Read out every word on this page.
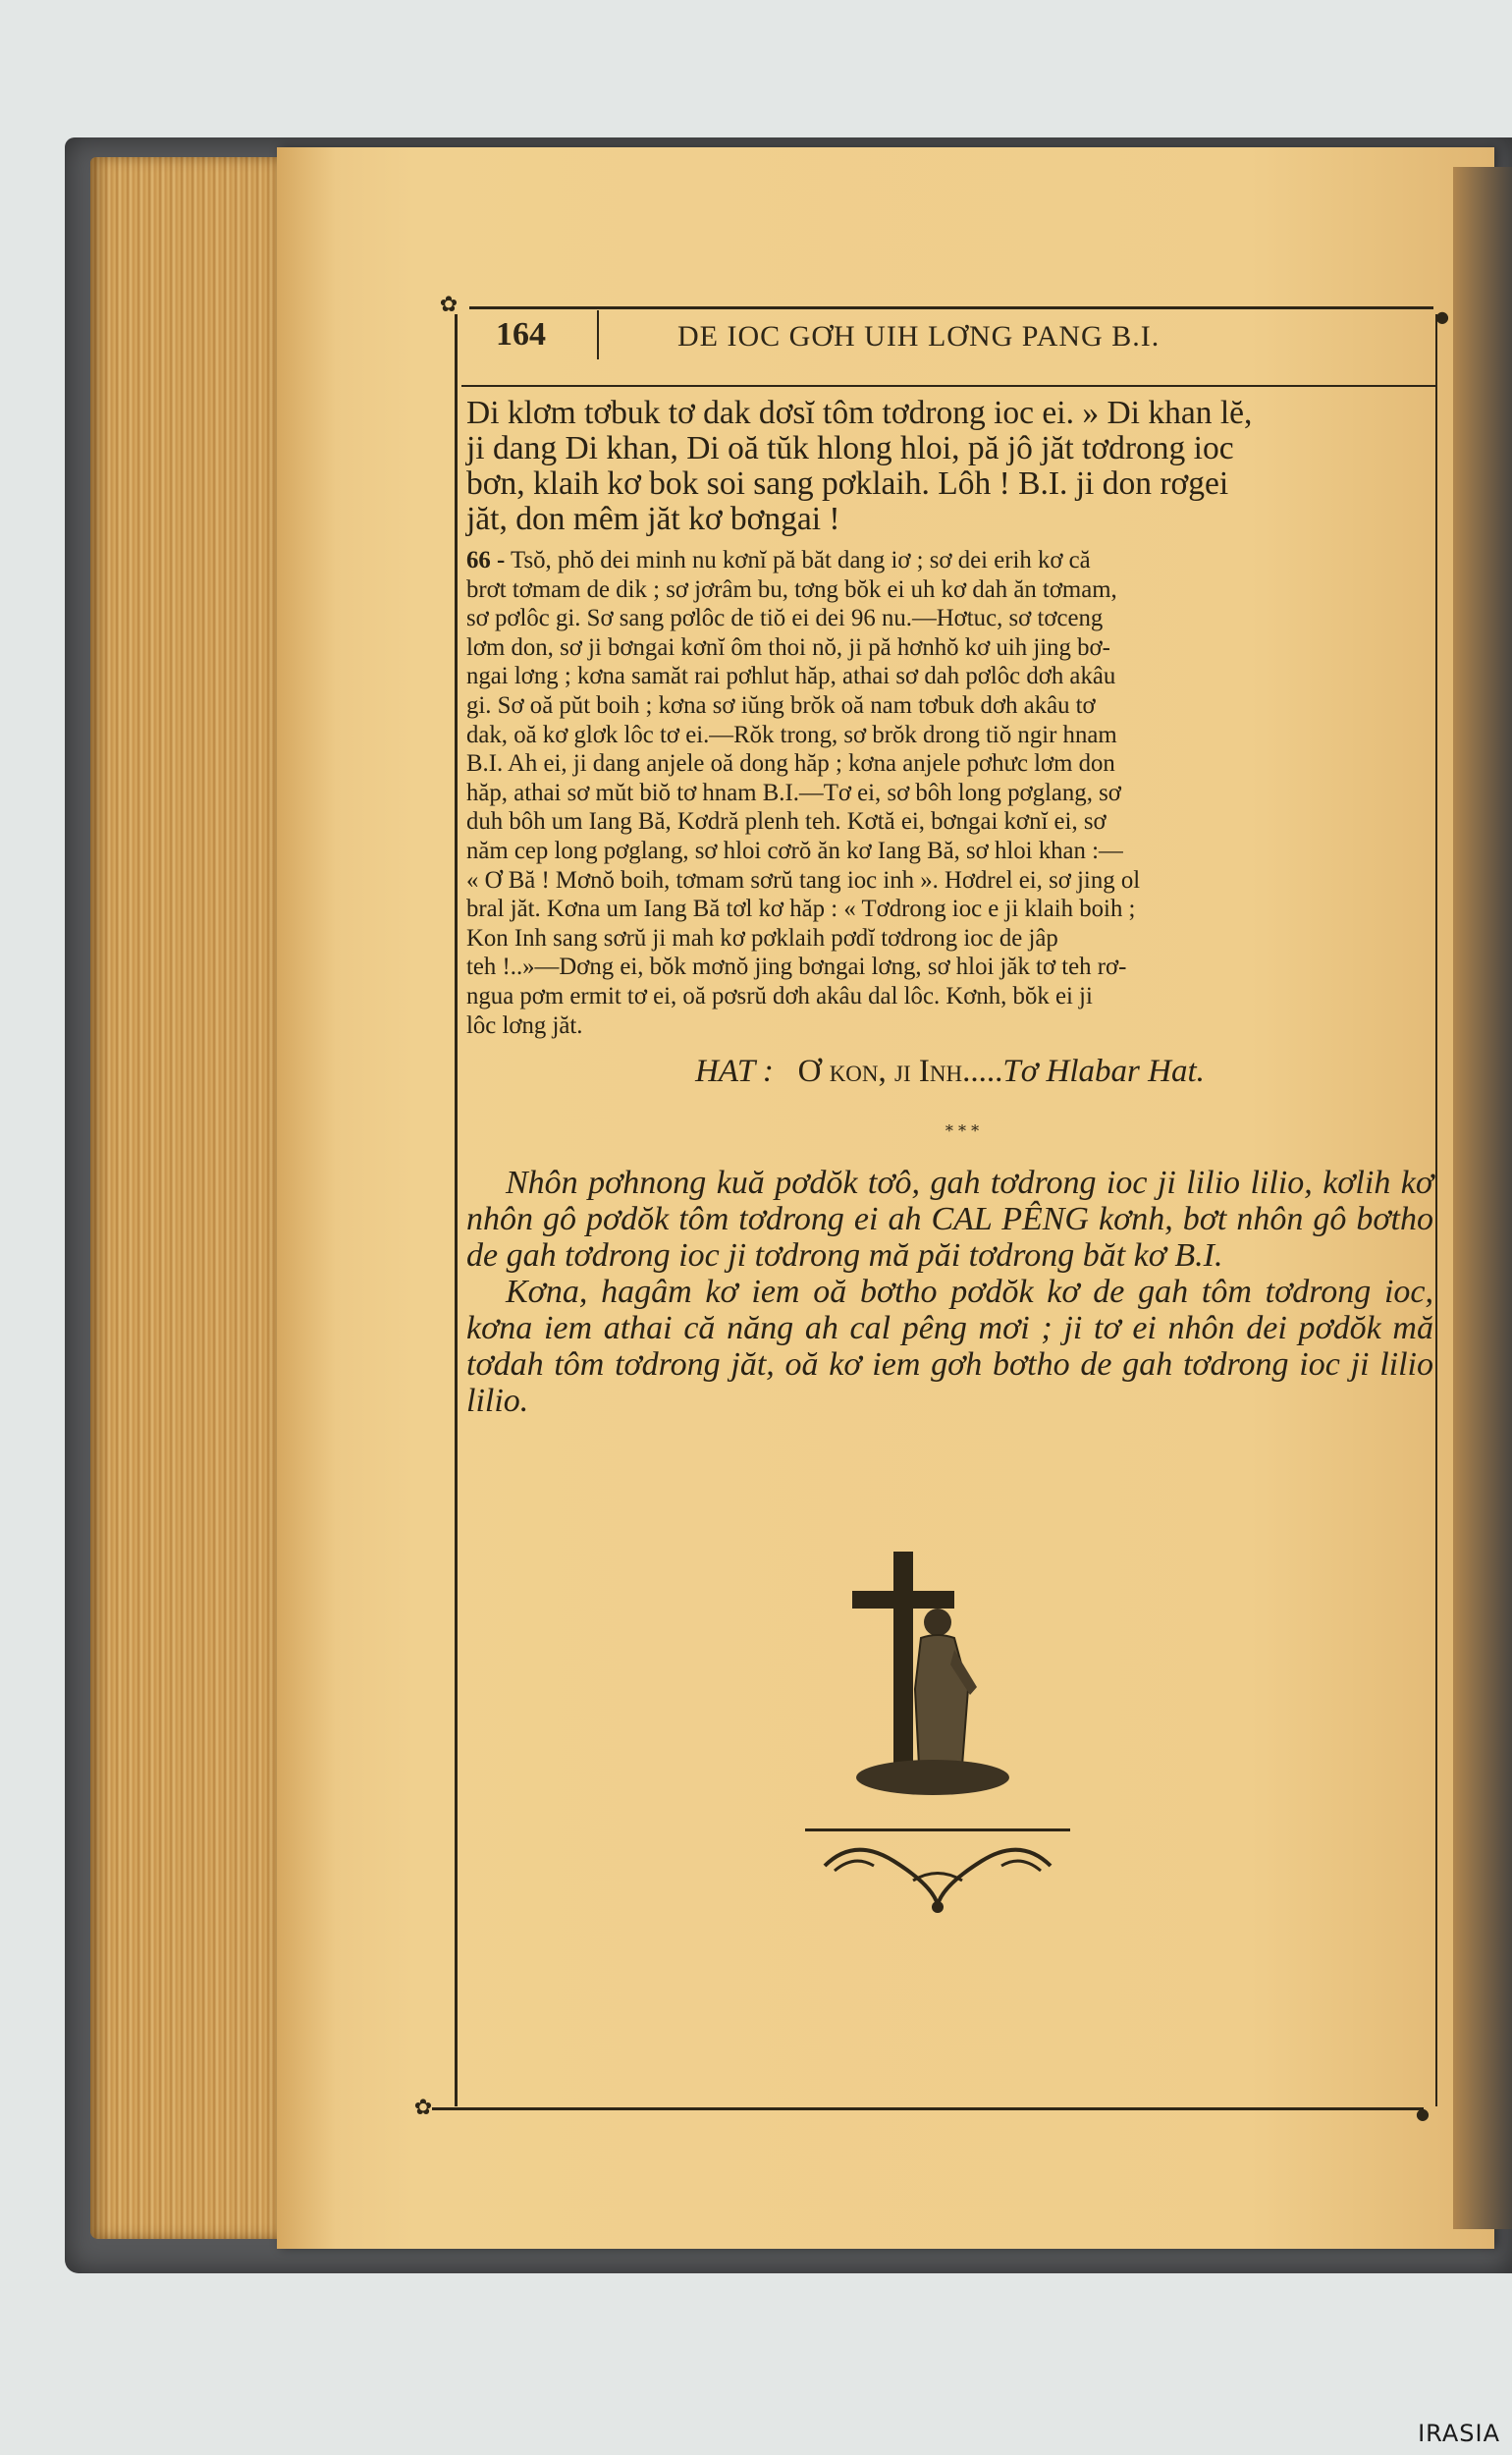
✿	●
✿	●
164	DE IOC GƠH UIH LƠNG PANG B.I.
Di klơm tơbuk tơ dak dơsĭ tôm tơdrong ioc ei. » Di khan lĕ,
ji dang Di khan, Di oă tŭk hlong hloi, pă jô jăt tơdrong ioc
bơn, klaih kơ bok soi sang pơklaih. Lôh ! B.I. ji don rơgei
jăt, don mêm jăt kơ bơngai !
66 - Tsŏ, phŏ dei minh nu kơnĭ pă băt dang iơ ; sơ dei erih kơ că
brơt tơmam de dik ; sơ jơrâm bu, tơng bŏk ei uh kơ dah ăn tơmam,
sơ pơlôc gi. Sơ sang pơlôc de tiŏ ei dei 96 nu.—Hơtuc, sơ tơceng
lơm don, sơ ji bơngai kơnĭ ôm thoi nŏ, ji pă hơnhŏ kơ uih jing bơ-
ngai lơng ; kơna samăt rai pơhlut hăp, athai sơ dah pơlôc dơh akâu
gi. Sơ oă pŭt boih ; kơna sơ iŭng brŏk oă nam tơbuk dơh akâu tơ
dak, oă kơ glơk lôc tơ ei.—Rŏk trong, sơ brŏk drong tiŏ ngir hnam
B.I. Ah ei, ji dang anjele oă dong hăp ; kơna anjele pơhưc lơm don
hăp, athai sơ mŭt biŏ tơ hnam B.I.—Tơ ei, sơ bôh long pơglang, sơ
duh bôh um Iang Bă, Kơdră plenh teh. Kơtă ei, bơngai kơnĭ ei, sơ
năm cep long pơglang, sơ hloi cơrŏ ăn kơ Iang Bă, sơ hloi khan :—
« Ơ Bă ! Mơnŏ boih, tơmam sơrŭ tang ioc inh ». Hơdrel ei, sơ jing ol
bral jăt. Kơna um Iang Bă tơl kơ hăp : « Tơdrong ioc e ji klaih boih ;
Kon Inh sang sơrŭ ji mah kơ pơklaih pơdĭ tơdrong ioc de jâp
teh !..»—Dơng ei, bŏk mơnŏ jing bơngai lơng, sơ hloi jăk tơ teh rơ-
ngua pơm ermit tơ ei, oă pơsrŭ dơh akâu dal lôc. Kơnh, bŏk ei ji
lôc lơng jăt.
HAT : Ơ kon, ji Inh.....Tơ Hlabar Hat.
* * *

Nhôn pơhnong kuă pơdŏk tơô, gah tơdrong ioc ji lilio lilio, kơlih kơ nhôn gô pơdŏk tôm tơdrong ei ah CAL PÊNG kơnh, bơt nhôn gô bơtho de gah tơdrong ioc ji tơdrong mă păi tơdrong băt kơ B.I.

Kơna, hagâm kơ iem oă bơtho pơdŏk kơ de gah tôm tơdrong ioc, kơna iem athai că năng ah cal pêng mơi ; ji tơ ei nhôn dei pơdŏk mă tơdah tôm tơdrong jăt, oă kơ iem gơh bơtho de gah tơdrong ioc ji lilio lilio.

IRASIA
